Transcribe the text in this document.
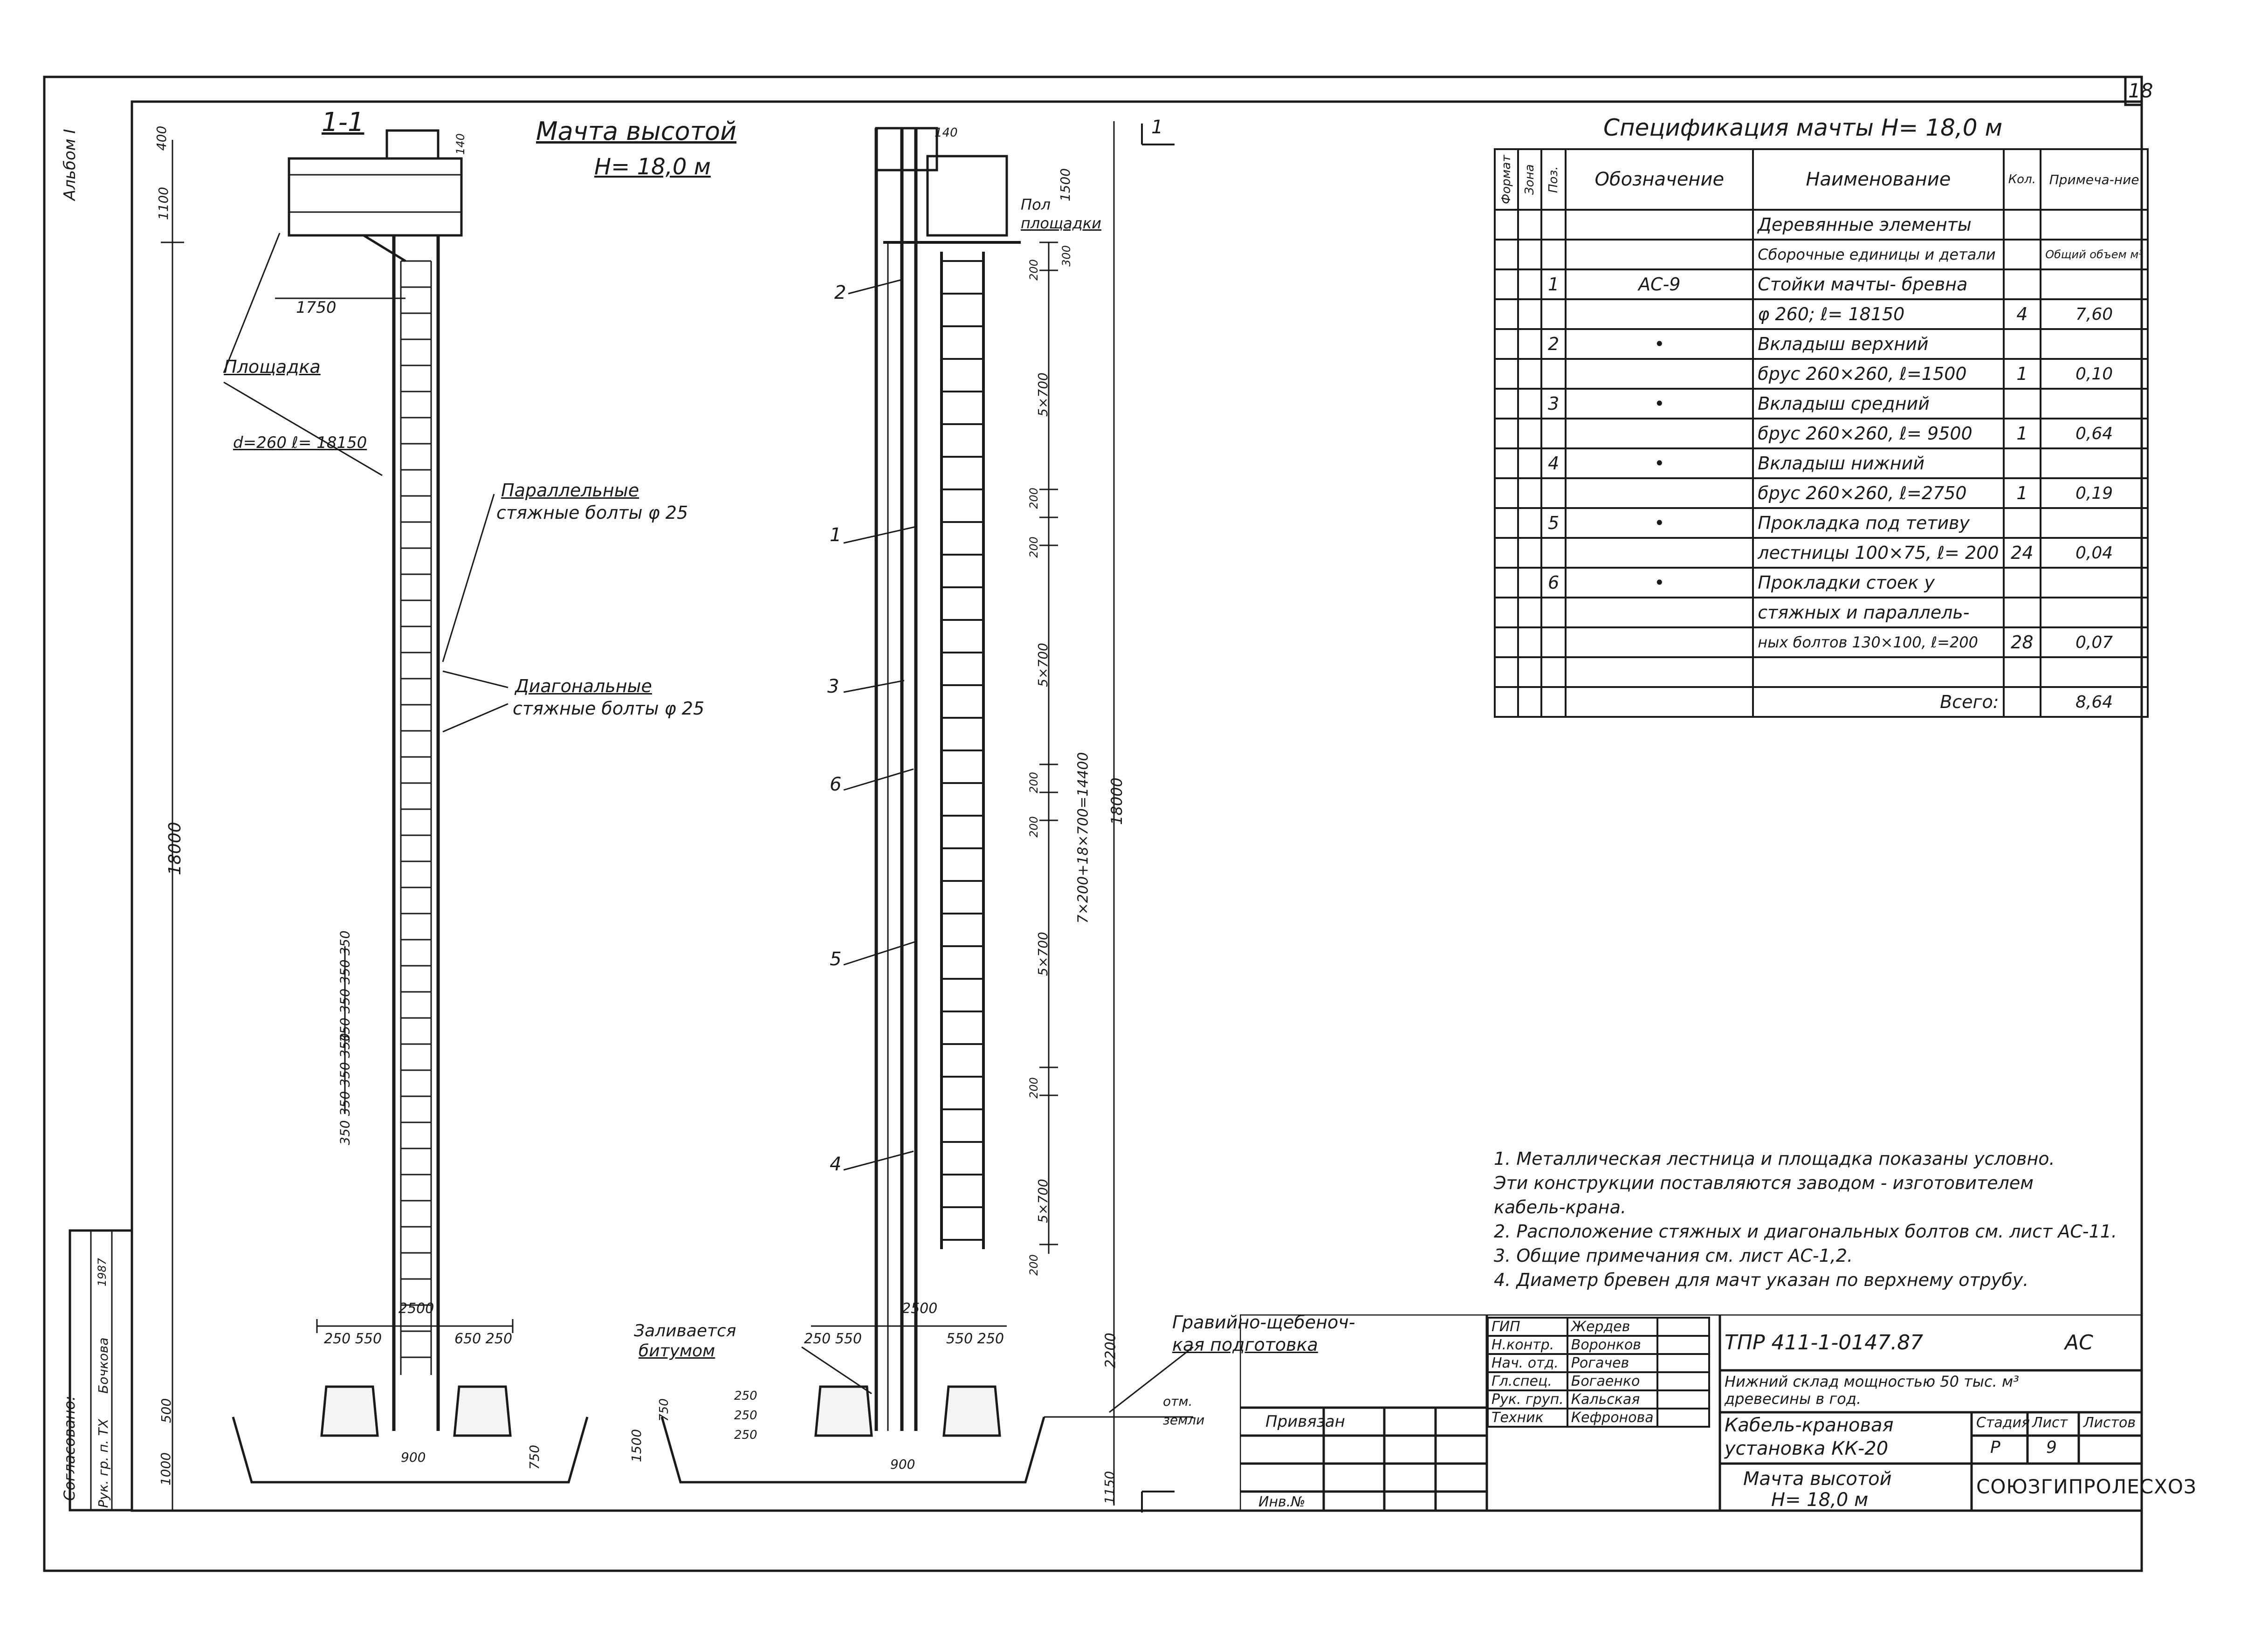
18
Альбом I
1-1	1
Мачта высотой
H= 18,0 м
400
1100
140
1750
Площадка
d=260 ℓ= 18150
Параллельные
стяжные болты φ 25
Диагональные
стяжные болты φ 25
18000
350 350 350 350
350 350 350 350
2500
250 550	650 250
500
1000	900	750
140
1500
Пол
площадки
7×200+18×700=14400 18000
2200
1150
1500
2500
250 550	550 250
900
750
Заливается
битумом
Гравийно-щебеноч-
кая подготовка
отм.
земли
200
300
5×700
200
200
5×700
200
200
5×700
200
5×700
200
250
250
250
2
1
3
6
5
4
Спецификация мачты H= 18,0 м
Формат	Зона	Поз.	Обозначение	Наименование	Кол.	Примеча-ние
				Деревянные элементы		
				Сборочные единицы и детали		Общий объем м³
		1	АС-9	Стойки мачты- бревна		
				φ 260; ℓ= 18150	4	7,60
		2	•	Вкладыш верхний		
				брус 260×260, ℓ=1500	1	0,10
		3	•	Вкладыш средний		
				брус 260×260, ℓ= 9500	1	0,64
		4	•	Вкладыш нижний		
				брус 260×260, ℓ=2750	1	0,19
		5	•	Прокладка под тетиву		
				лестницы 100×75, ℓ= 200	24	0,04
		6	•	Прокладки стоек у		
				стяжных и параллель-		
				ных болтов 130×100, ℓ=200	28	0,07

				Всего:		8,64
1. Металлическая лестница и площадка показаны условно.
Эти конструкции поставляются заводом - изготовителем
кабель-крана.
2. Расположение стяжных и диагональных болтов см. лист АС-11.
3. Общие примечания см. лист АС-1,2.
4. Диаметр бревен для мачт указан по верхнему отрубу.
ГИП	Жердев	
Н.контр.	Воронков	
Нач. отд.	Рогачев	
Гл.спец.	Богаенко	
Рук. груп.	Кальская	
Техник	Кефронова	
ТПР 411-1-0147.87	АС
Нижний склад мощностью 50 тыс. м³
древесины в год.
Кабель-крановая
установка КК-20
Стадия Лист Листов
Р	9
Мачта высотой
H= 18,0 м
СОЮЗГИПРОЛЕСХОЗ
Привязан
Инв.№
Согласовано: Рук. гр. п. ТХ
Бочкова
1987
